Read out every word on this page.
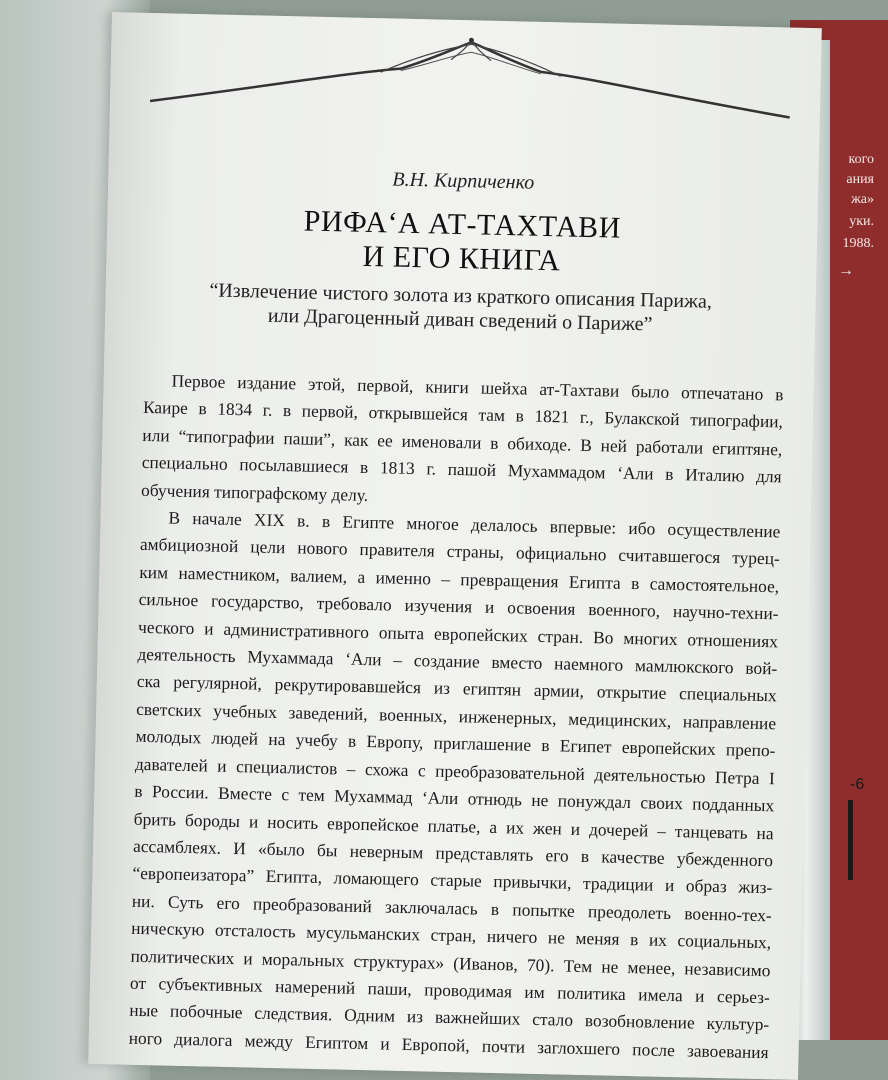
кого
ания
жа»
уки.
1988.
→
-6
В.Н. Кирпиченко
РИФА‘А АТ-ТАХТАВИ
И ЕГО КНИГА
“Извлечение чистого золота из краткого описания Парижа,
или Драгоценный диван сведений о Париже”
Первое издание этой, первой, книги шейха ат-Тахтави было отпечатано в
Каире в 1834 г. в первой, открывшейся там в 1821 г., Булакской типографии,
или “типографии паши”, как ее именовали в обиходе. В ней работали египтяне,
специально посылавшиеся в 1813 г. пашой Мухаммадом ‘Али в Италию для
обучения типографскому делу.
В начале XIX в. в Египте многое делалось впервые: ибо осуществление
амбициозной цели нового правителя страны, официально считавшегося турец-
ким наместником, валием, а именно – превращения Египта в самостоятельное,
сильное государство, требовало изучения и освоения военного, научно-техни-
ческого и административного опыта европейских стран. Во многих отношениях
деятельность Мухаммада ‘Али – создание вместо наемного мамлюкского вой-
ска регулярной, рекрутировавшейся из египтян армии, открытие специальных
светских учебных заведений, военных, инженерных, медицинских, направление
молодых людей на учебу в Европу, приглашение в Египет европейских препо-
давателей и специалистов – схожа с преобразовательной деятельностью Петра I
в России. Вместе с тем Мухаммад ‘Али отнюдь не понуждал своих подданных
брить бороды и носить европейское платье, а их жен и дочерей – танцевать на
ассамблеях. И «было бы неверным представлять его в качестве убежденного
“европеизатора” Египта, ломающего старые привычки, традиции и образ жиз-
ни. Суть его преобразований заключалась в попытке преодолеть военно-тех-
ническую отсталость мусульманских стран, ничего не меняя в их социальных,
политических и моральных структурах» (Иванов, 70). Тем не менее, независимо
от субъективных намерений паши, проводимая им политика имела и серьез-
ные побочные следствия. Одним из важнейших стало возобновление культур-
ного диалога между Египтом и Европой, почти заглохшего после завоевания
